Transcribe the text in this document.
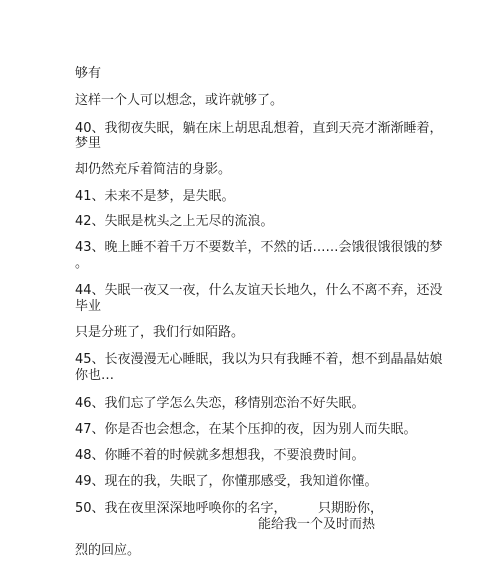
够有

这样一个人可以想念，或许就够了。

40、我彻夜失眠，躺在床上胡思乱想着，直到天亮才渐渐睡着，

梦里

却仍然充斥着简洁的身影。

41、未来不是梦，是失眠。

42、失眠是枕头之上无尽的流浪。

43、晚上睡不着千万不要数羊，不然的话……会饿很饿很饿的梦

。

44、失眠一夜又一夜，什么友谊天长地久，什么不离不弃，还没

毕业

只是分班了，我们行如陌路。

45、长夜漫漫无心睡眠，我以为只有我睡不着，想不到晶晶姑娘

你也…

46、我们忘了学怎么失恋，移情别恋治不好失眠。

47、你是否也会想念，在某个压抑的夜，因为别人而失眠。

48、你睡不着的时候就多想想我，不要浪费时间。

49、现在的我，失眠了，你懂那感受，我知道你懂。

50、我在夜里深深地呼唤你的名字， 只期盼你，

能给我一个及时而热

烈的回应。
